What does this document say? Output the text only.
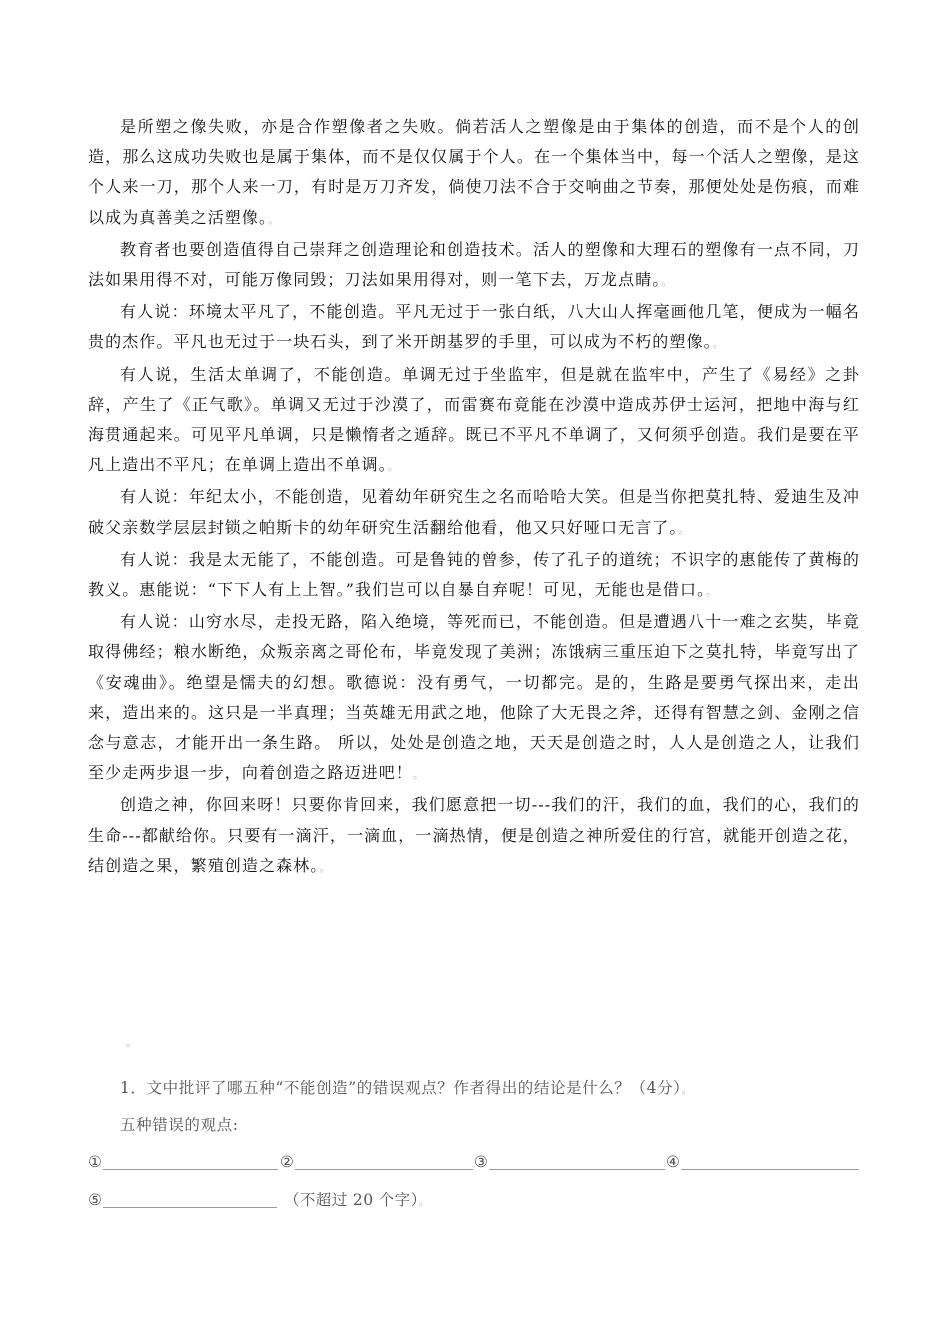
是所塑之像失败，亦是合作塑像者之失败。倘若活人之塑像是由于集体的创造，而不是个人的创造，那么这成功失败也是属于集体，而不是仅仅属于个人。在一个集体当中，每一个活人之塑像，是这个人来一刀，那个人来一刀，有时是万刀齐发，倘使刀法不合于交响曲之节奏，那便处处是伤痕，而难以成为真善美之活塑像。。

教育者也要创造值得自己崇拜之创造理论和创造技术。活人的塑像和大理石的塑像有一点不同，刀法如果用得不对，可能万像同毁；刀法如果用得对，则一笔下去，万龙点睛。。

有人说：环境太平凡了，不能创造。平凡无过于一张白纸，八大山人挥毫画他几笔，便成为一幅名贵的杰作。平凡也无过于一块石头，到了米开朗基罗的手里，可以成为不朽的塑像。。

有人说，生活太单调了，不能创造。单调无过于坐监牢，但是就在监牢中，产生了《易经》之卦辞，产生了《正气歌》。单调又无过于沙漠了，而雷赛布竟能在沙漠中造成苏伊士运河，把地中海与红海贯通起来。可见平凡单调，只是懒惰者之遁辞。既已不平凡不单调了，又何须乎创造。我们是要在平凡上造出不平凡；在单调上造出不单调。。

有人说：年纪太小，不能创造，见着幼年研究生之名而哈哈大笑。但是当你把莫扎特、爱迪生及冲破父亲数学层层封锁之帕斯卡的幼年研究生活翻给他看，他又只好哑口无言了。。

有人说：我是太无能了，不能创造。可是鲁钝的曾参，传了孔子的道统；不识字的惠能传了黄梅的教义。惠能说：“下下人有上上智。”我们岂可以自暴自弃呢！可见，无能也是借口。。

有人说：山穷水尽，走投无路，陷入绝境，等死而已，不能创造。但是遭遇八十一难之玄奘，毕竟取得佛经；粮水断绝，众叛亲离之哥伦布，毕竟发现了美洲；冻饿病三重压迫下之莫扎特，毕竟写出了《安魂曲》。绝望是懦夫的幻想。歌德说：没有勇气，一切都完。是的，生路是要勇气探出来，走出来，造出来的。这只是一半真理；当英雄无用武之地，他除了大无畏之斧，还得有智慧之剑、金刚之信念与意志，才能开出一条生路。 所以，处处是创造之地，天天是创造之时，人人是创造之人，让我们至少走两步退一步，向着创造之路迈进吧！。

创造之神，你回来呀！只要你肯回来，我们愿意把一切---我们的汗，我们的血，我们的心，我们的生命---都献给你。只要有一滴汗，一滴血，一滴热情，便是创造之神所爱住的行宫，就能开创造之花，结创造之果，繁殖创造之森林。。

。

1．文中批评了哪五种“不能创造”的错误观点？作者得出的结论是什么？（4分）。

五种错误的观点:
①	②	③	④
⑤	（不超过 20 个字）。
